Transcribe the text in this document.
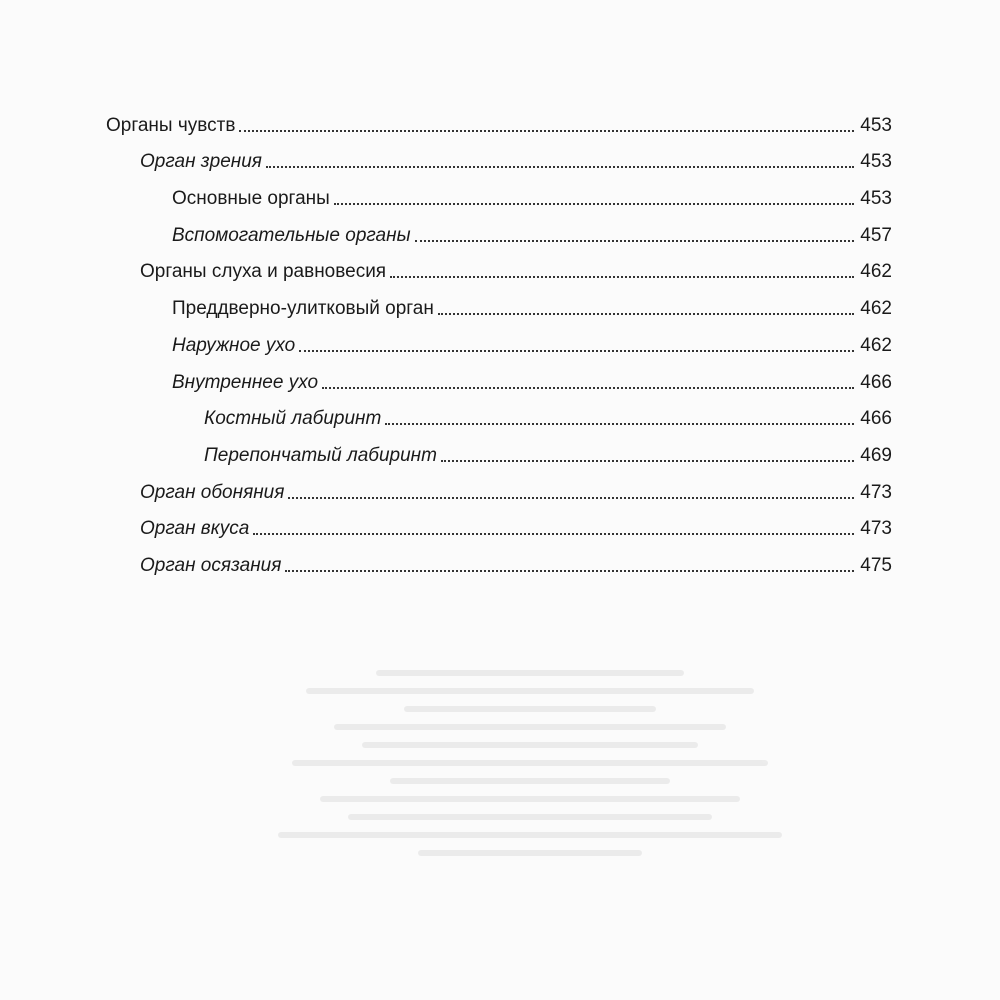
Органы чувств	453
Орган зрения	453
Основные органы	453
Вспомогательные органы	457
Органы слуха и равновесия	462
Преддверно-улитковый орган	462
Наружное ухо	462
Внутреннее ухо	466
Костный лабиринт	466
Перепончатый лабиринт	469
Орган обоняния	473
Орган вкуса	473
Орган осязания	475
